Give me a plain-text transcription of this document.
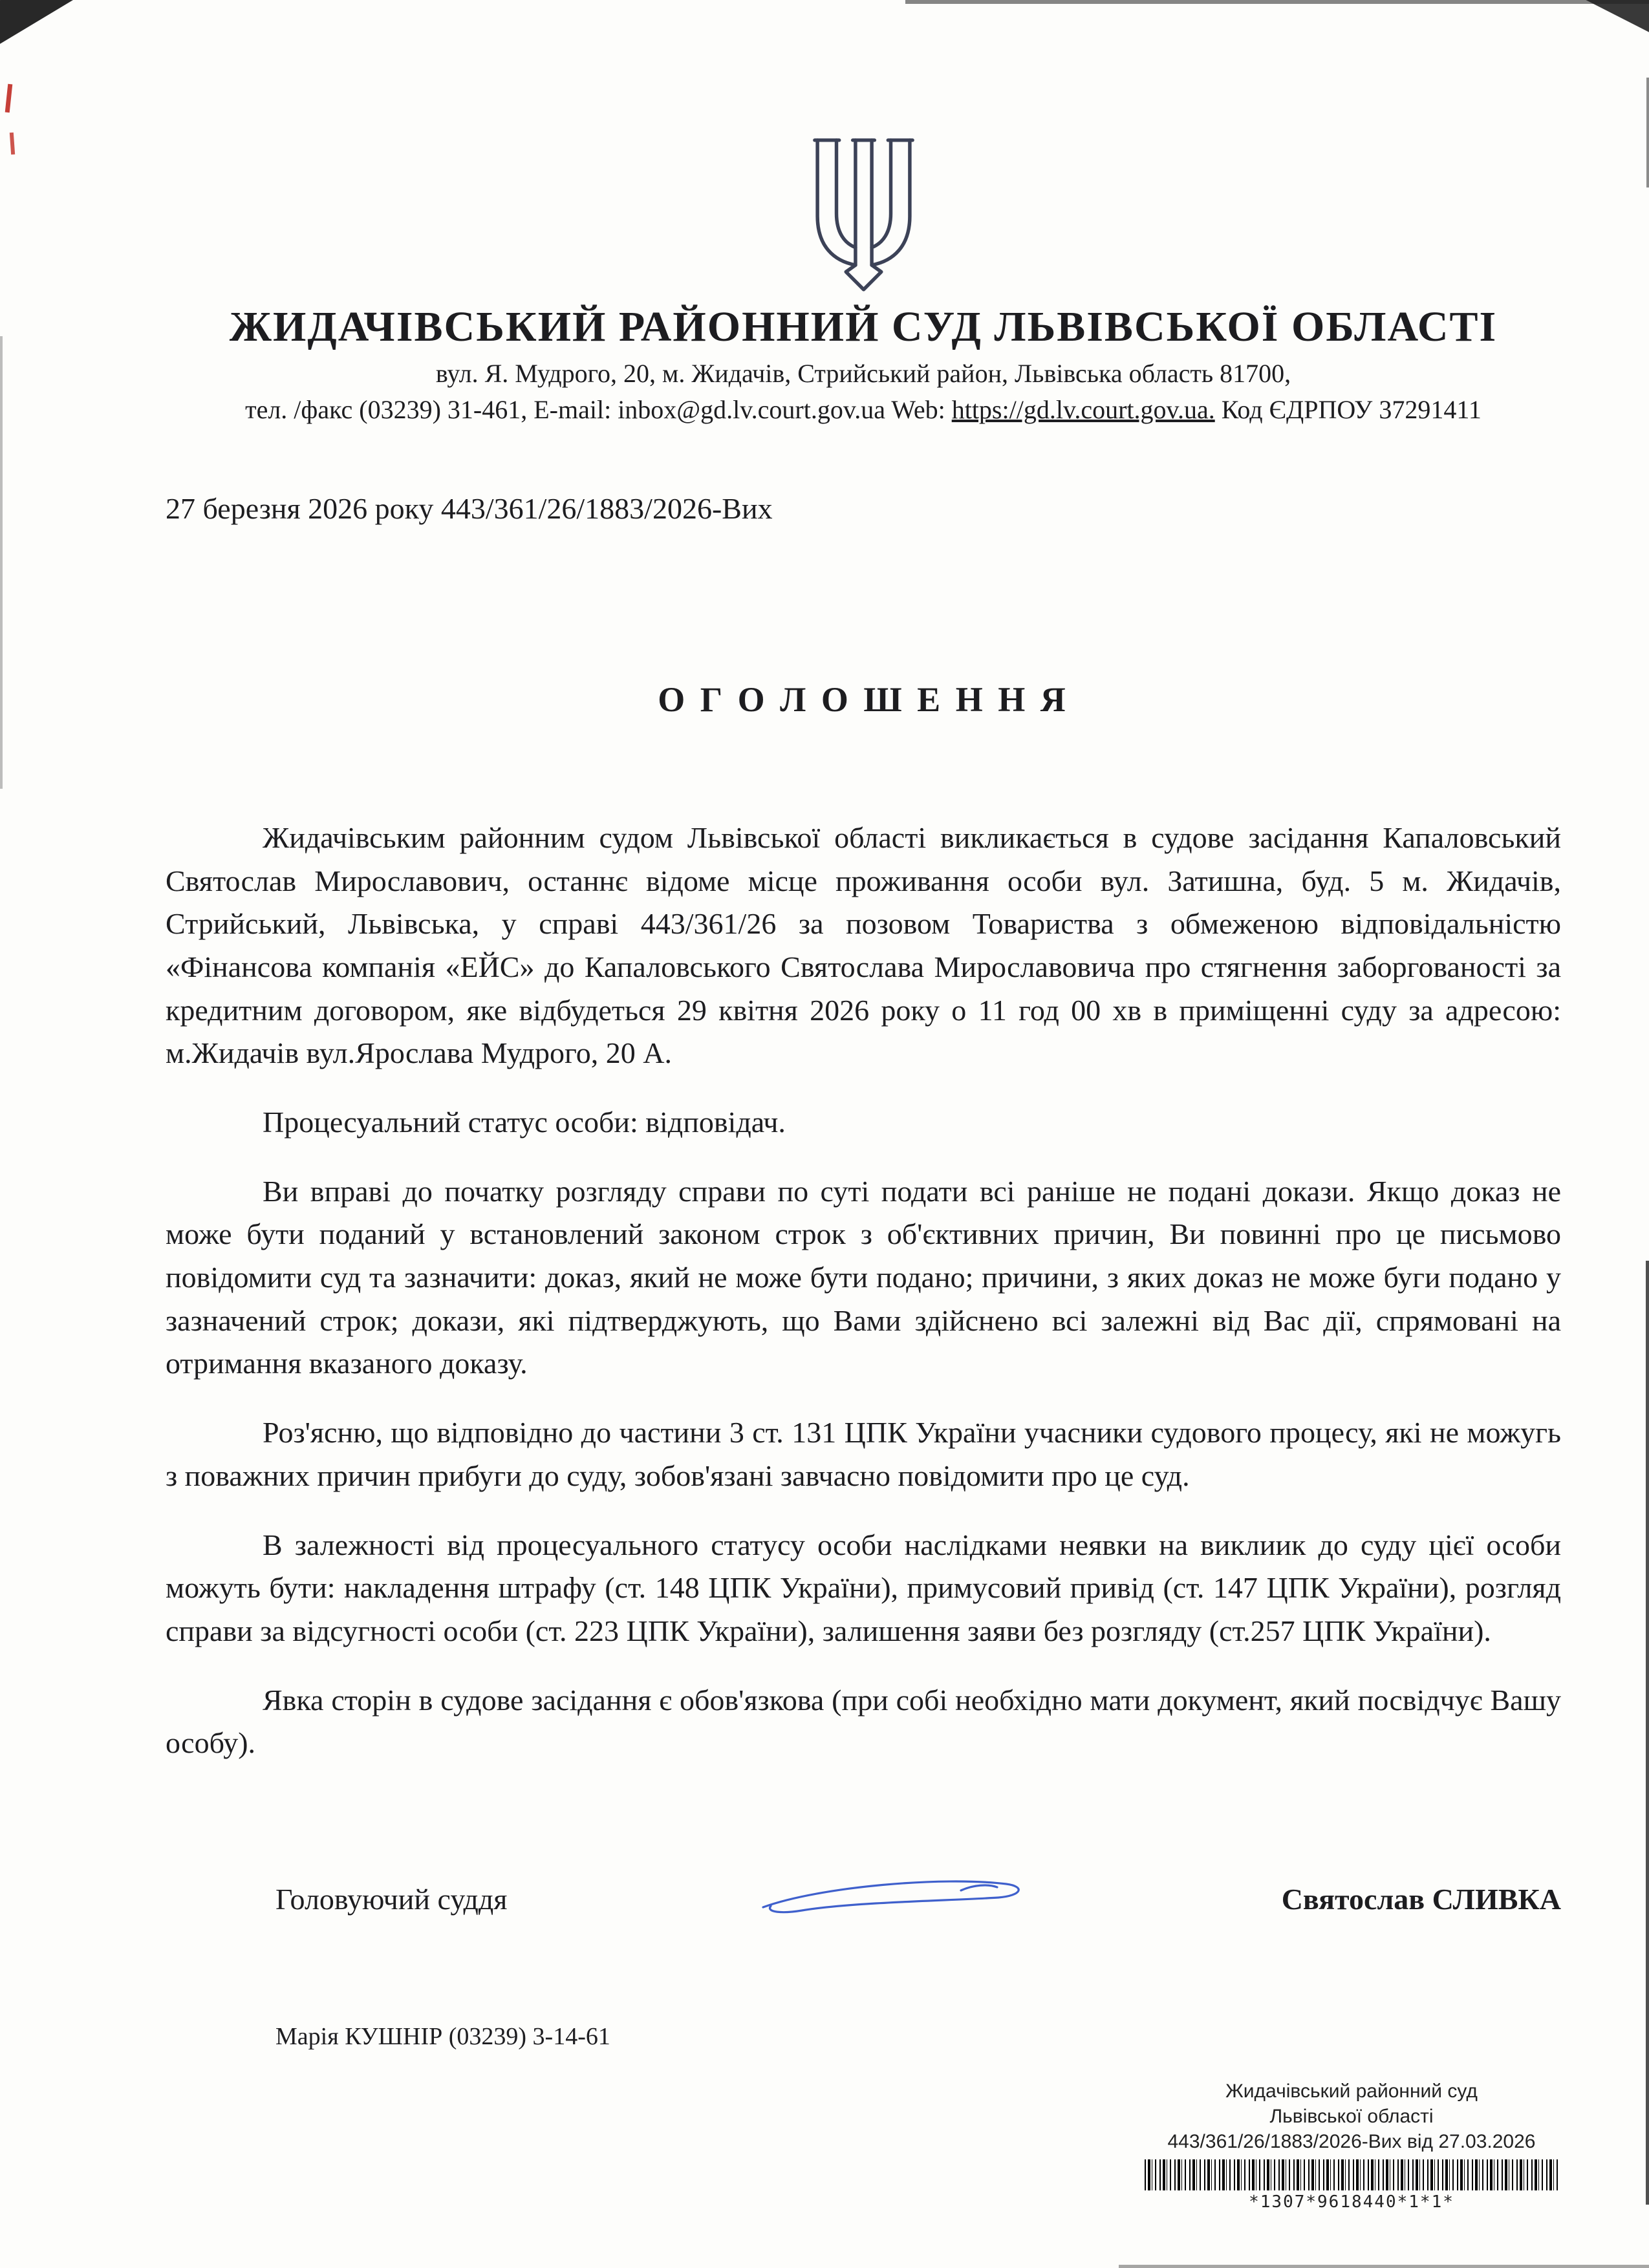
ЖИДАЧІВСЬКИЙ РАЙОННИЙ СУД ЛЬВІВСЬКОЇ ОБЛАСТІ
вул. Я. Мудрого, 20, м. Жидачів, Стрийський район, Львівська область 81700,
тел. /факс (03239) 31-461, E-mail: inbox@gd.lv.court.gov.ua Web: https://gd.lv.court.gov.ua. Код ЄДРПОУ 37291411
27 березня 2026 року 443/361/26/1883/2026-Вих
О Г О Л О Ш Е Н Н Я

Жидачівським районним судом Львівської області викликається в судове засідання Капаловський Святослав Мирославович, останнє відоме місце проживання особи вул. Затишна, буд. 5 м. Жидачів, Стрийський, Львівська, у справі 443/361/26 за позовом Товариства з обмеженою відповідальністю «Фінансова компанія «ЕЙС» до Капаловського Святослава Мирославовича про стягнення заборгованості за кредитним договором, яке відбудеться 29 квітня 2026 року о 11 год 00 хв в приміщенні суду за адресою: м.Жидачів вул.Ярослава Мудрого, 20 А.

Процесуальний статус особи: відповідач.

Ви вправі до початку розгляду справи по суті подати всі раніше не подані докази. Якщо доказ не може бути поданий у встановлений законом строк з об'єктивних причин, Ви повинні про це письмово повідомити суд та зазначити: доказ, який не може бути подано; причини, з яких доказ не може буги подано у зазначений строк; докази, які підтверджують, що Вами здійснено всі залежні від Вас дії, спрямовані на отримання вказаного доказу.

Роз'ясню, що відповідно до частини 3 ст. 131 ЦПК України учасники судового процесу, які не можугь з поважних причин прибуги до суду, зобов'язані завчасно повідомити про це суд.

В залежності від процесуального статусу особи наслідками неявки на виклиик до суду цієї особи можуть бути: накладення штрафу (ст. 148 ЦПК України), примусовий привід (ст. 147 ЦПК України), розгляд справи за відсугності особи (ст. 223 ЦПК України), залишення заяви без розгляду (ст.257 ЦПК України).

Явка сторін в судове засідання є обов'язкова (при собі необхідно мати документ, який посвідчує Вашу особу).

Головуючий суддя	Святослав СЛИВКА
Марія КУШНІР (03239) 3-14-61
Жидачівський районний суд
Львівської області
443/361/26/1883/2026-Вих від 27.03.2026
*1307*9618440*1*1*
